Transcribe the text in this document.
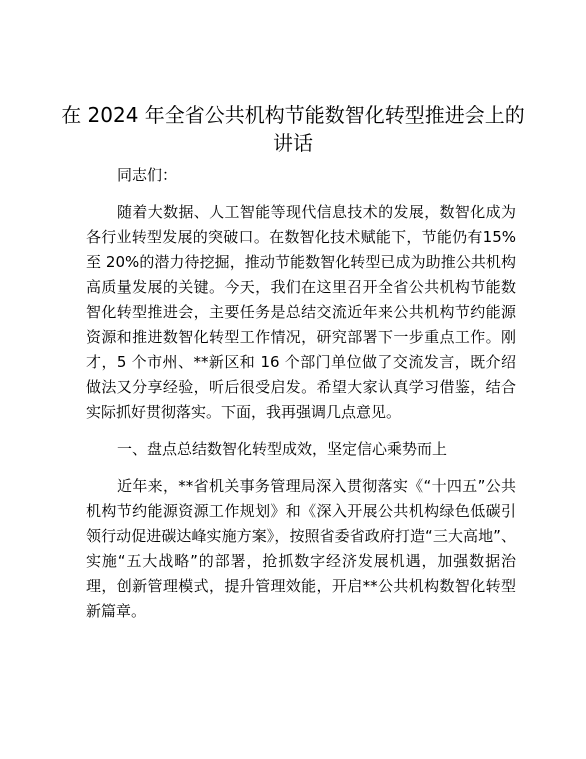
在 2024 年全省公共机构节能数智化转型推进会上的讲话

同志们：

随着大数据、人工智能等现代信息技术的发展，数智化成为各行业转型发展的突破口。在数智化技术赋能下，节能仍有15%至 20%的潜力待挖掘，推动节能数智化转型已成为助推公共机构高质量发展的关键。今天，我们在这里召开全省公共机构节能数智化转型推进会，主要任务是总结交流近年来公共机构节约能源资源和推进数智化转型工作情况，研究部署下一步重点工作。刚才，5 个市州、**新区和 16 个部门单位做了交流发言，既介绍做法又分享经验，听后很受启发。希望大家认真学习借鉴，结合实际抓好贯彻落实。下面，我再强调几点意见。

一、盘点总结数智化转型成效，坚定信心乘势而上

近年来，**省机关事务管理局深入贯彻落实《“十四五”公共机构节约能源资源工作规划》和《深入开展公共机构绿色低碳引领行动促进碳达峰实施方案》，按照省委省政府打造“三大高地”、实施“五大战略”的部署，抢抓数字经济发展机遇，加强数据治理，创新管理模式，提升管理效能，开启**公共机构数智化转型新篇章。
